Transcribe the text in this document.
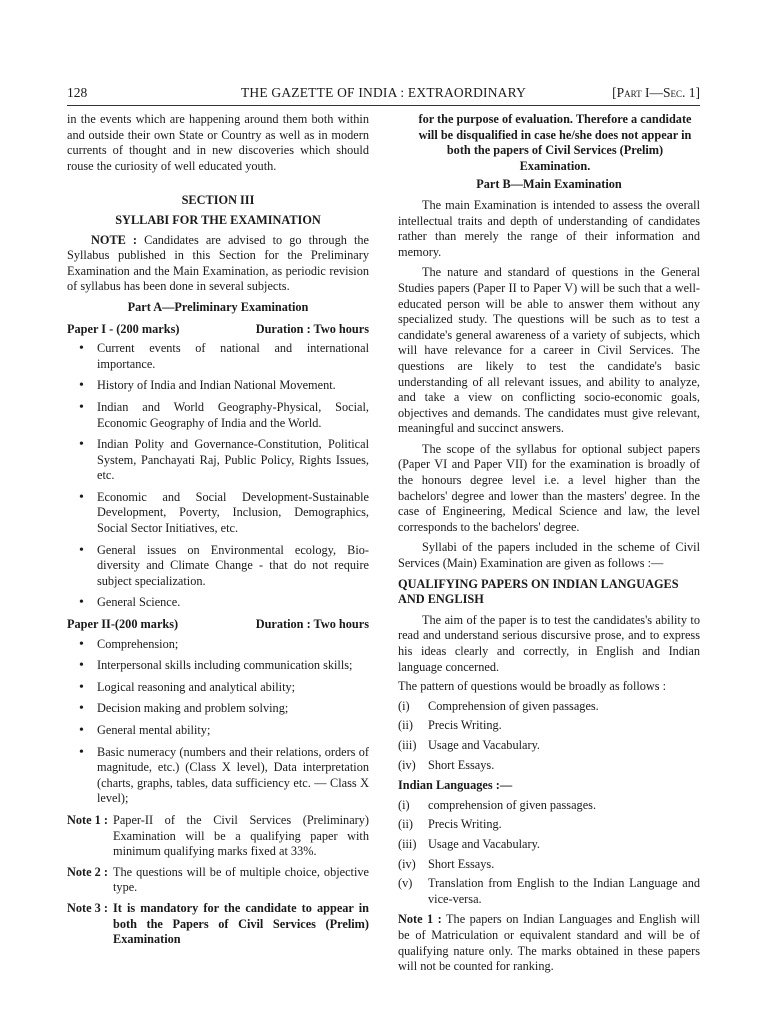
128	THE GAZETTE OF INDIA : EXTRAORDINARY	[Part I—Sec. 1]

in the events which are happening around them both within and outside their own State or Country as well as in modern currents of thought and in new discoveries which should rouse the curiosity of well educated youth.

SECTION III

SYLLABI FOR THE EXAMINATION

NOTE : Candidates are advised to go through the Syllabus published in this Section for the Preliminary Examination and the Main Examination, as periodic revision of syllabus has been done in several subjects.

Part A—Preliminary Examination

Paper I - (200 marks)	Duration : Two hours
• Current events of national and international importance.
• History of India and Indian National Movement.
• Indian and World Geography-Physical, Social, Economic Geography of India and the World.
• Indian Polity and Governance-Constitution, Political System, Panchayati Raj, Public Policy, Rights Issues, etc.
• Economic and Social Development-Sustainable Development, Poverty, Inclusion, Demographics, Social Sector Initiatives, etc.
• General issues on Environmental ecology, Bio-diversity and Climate Change - that do not require subject specialization.
• General Science.
Paper II-(200 marks)	Duration : Two hours
• Comprehension;
• Interpersonal skills including communication skills;
• Logical reasoning and analytical ability;
• Decision making and problem solving;
• General mental ability;
• Basic numeracy (numbers and their relations, orders of magnitude, etc.) (Class X level), Data interpretation (charts, graphs, tables, data sufficiency etc. — Class X level);
Note 1 : Paper-II of the Civil Services (Preliminary) Examination will be a qualifying paper with minimum qualifying marks fixed at 33%.
Note 2 : The questions will be of multiple choice, objective type.
Note 3 : It is mandatory for the candidate to appear in both the Papers of Civil Services (Prelim) Examination

for the purpose of evaluation. Therefore a candidate will be disqualified in case he/she does not appear in both the papers of Civil Services (Prelim) Examination.

Part B—Main Examination

The main Examination is intended to assess the overall intellectual traits and depth of understanding of candidates rather than merely the range of their information and memory.

The nature and standard of questions in the General Studies papers (Paper II to Paper V) will be such that a well-educated person will be able to answer them without any specialized study. The questions will be such as to test a candidate's general awareness of a variety of subjects, which will have relevance for a career in Civil Services. The questions are likely to test the candidate's basic understanding of all relevant issues, and ability to analyze, and take a view on conflicting socio-economic goals, objectives and demands. The candidates must give relevant, meaningful and succinct answers.

The scope of the syllabus for optional subject papers (Paper VI and Paper VII) for the examination is broadly of the honours degree level i.e. a level higher than the bachelors' degree and lower than the masters' degree. In the case of Engineering, Medical Science and law, the level corresponds to the bachelors' degree.

Syllabi of the papers included in the scheme of Civil Services (Main) Examination are given as follows :—

QUALIFYING PAPERS ON INDIAN LANGUAGES AND ENGLISH

The aim of the paper is to test the candidates's ability to read and understand serious discursive prose, and to express his ideas clearly and correctly, in English and Indian language concerned.

The pattern of questions would be broadly as follows :

(i)	Comprehension of given passages.
(ii)	Precis Writing.
(iii) Usage and Vacabulary.
(iv) Short Essays.

Indian Languages :—

(i)	comprehension of given passages.
(ii)	Precis Writing.
(iii) Usage and Vacabulary.
(iv) Short Essays.
(v)	Translation from English to the Indian Language and vice-versa.

Note 1 : The papers on Indian Languages and English will be of Matriculation or equivalent standard and will be of qualifying nature only. The marks obtained in these papers will not be counted for ranking.
